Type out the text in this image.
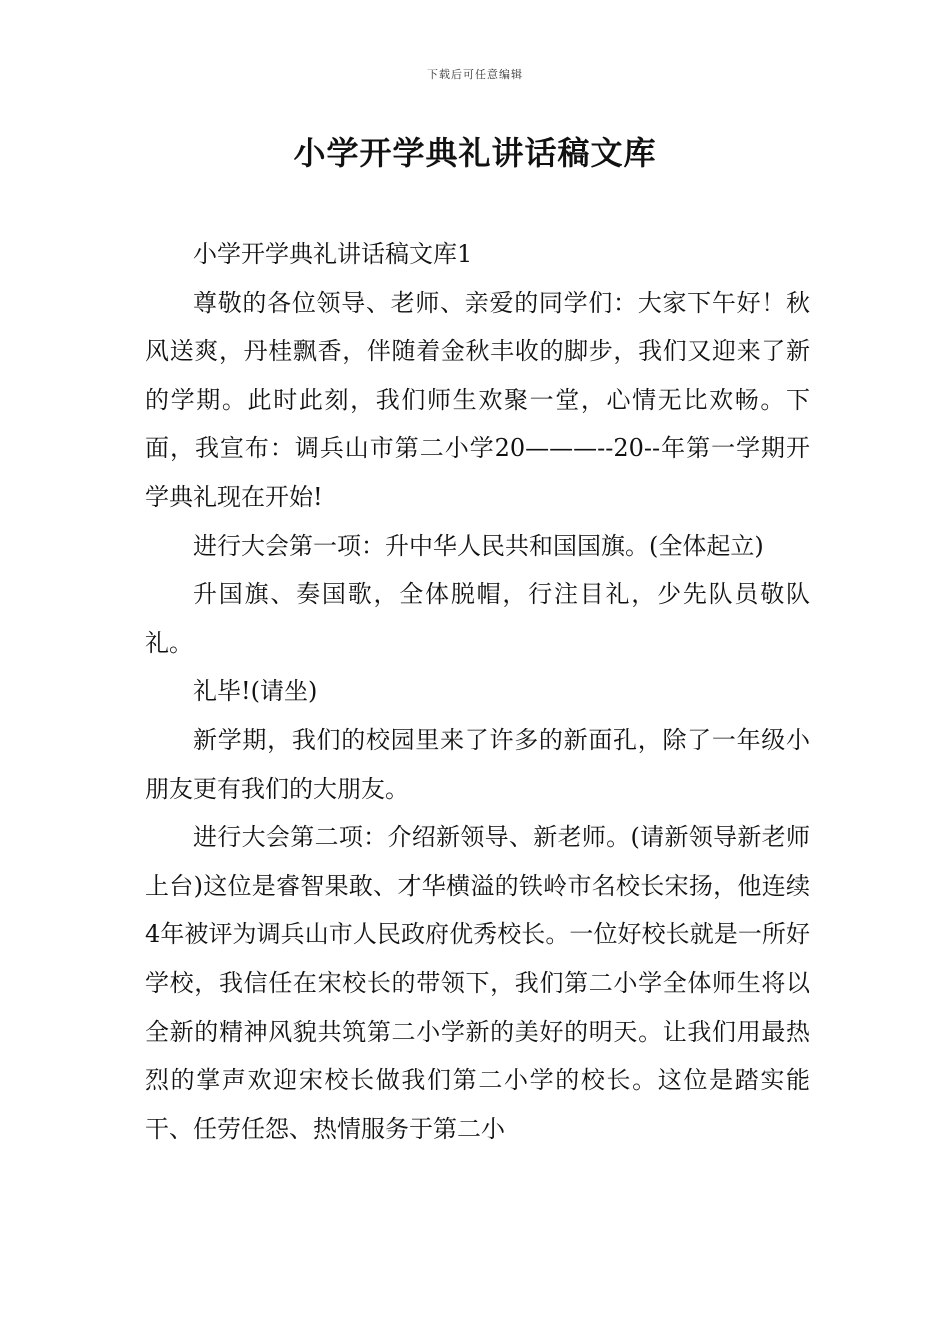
下载后可任意编辑
小学开学典礼讲话稿文库

小学开学典礼讲话稿文库1

尊敬的各位领导、老师、亲爱的同学们：大家下午好！秋风送爽，丹桂飘香，伴随着金秋丰收的脚步，我们又迎来了新的学期。此时此刻，我们师生欢聚一堂，心情无比欢畅。下面，我宣布：调兵山市第二小学20———--20--年第一学期开学典礼现在开始!

进行大会第一项：升中华人民共和国国旗。(全体起立)

升国旗、奏国歌，全体脱帽，行注目礼，少先队员敬队礼。

礼毕!(请坐)

新学期，我们的校园里来了许多的新面孔，除了一年级小朋友更有我们的大朋友。

进行大会第二项：介绍新领导、新老师。(请新领导新老师上台)这位是睿智果敢、才华横溢的铁岭市名校长宋扬，他连续4年被评为调兵山市人民政府优秀校长。一位好校长就是一所好学校，我信任在宋校长的带领下，我们第二小学全体师生将以全新的精神风貌共筑第二小学新的美好的明天。让我们用最热烈的掌声欢迎宋校长做我们第二小学的校长。这位是踏实能干、任劳任怨、热情服务于第二小
